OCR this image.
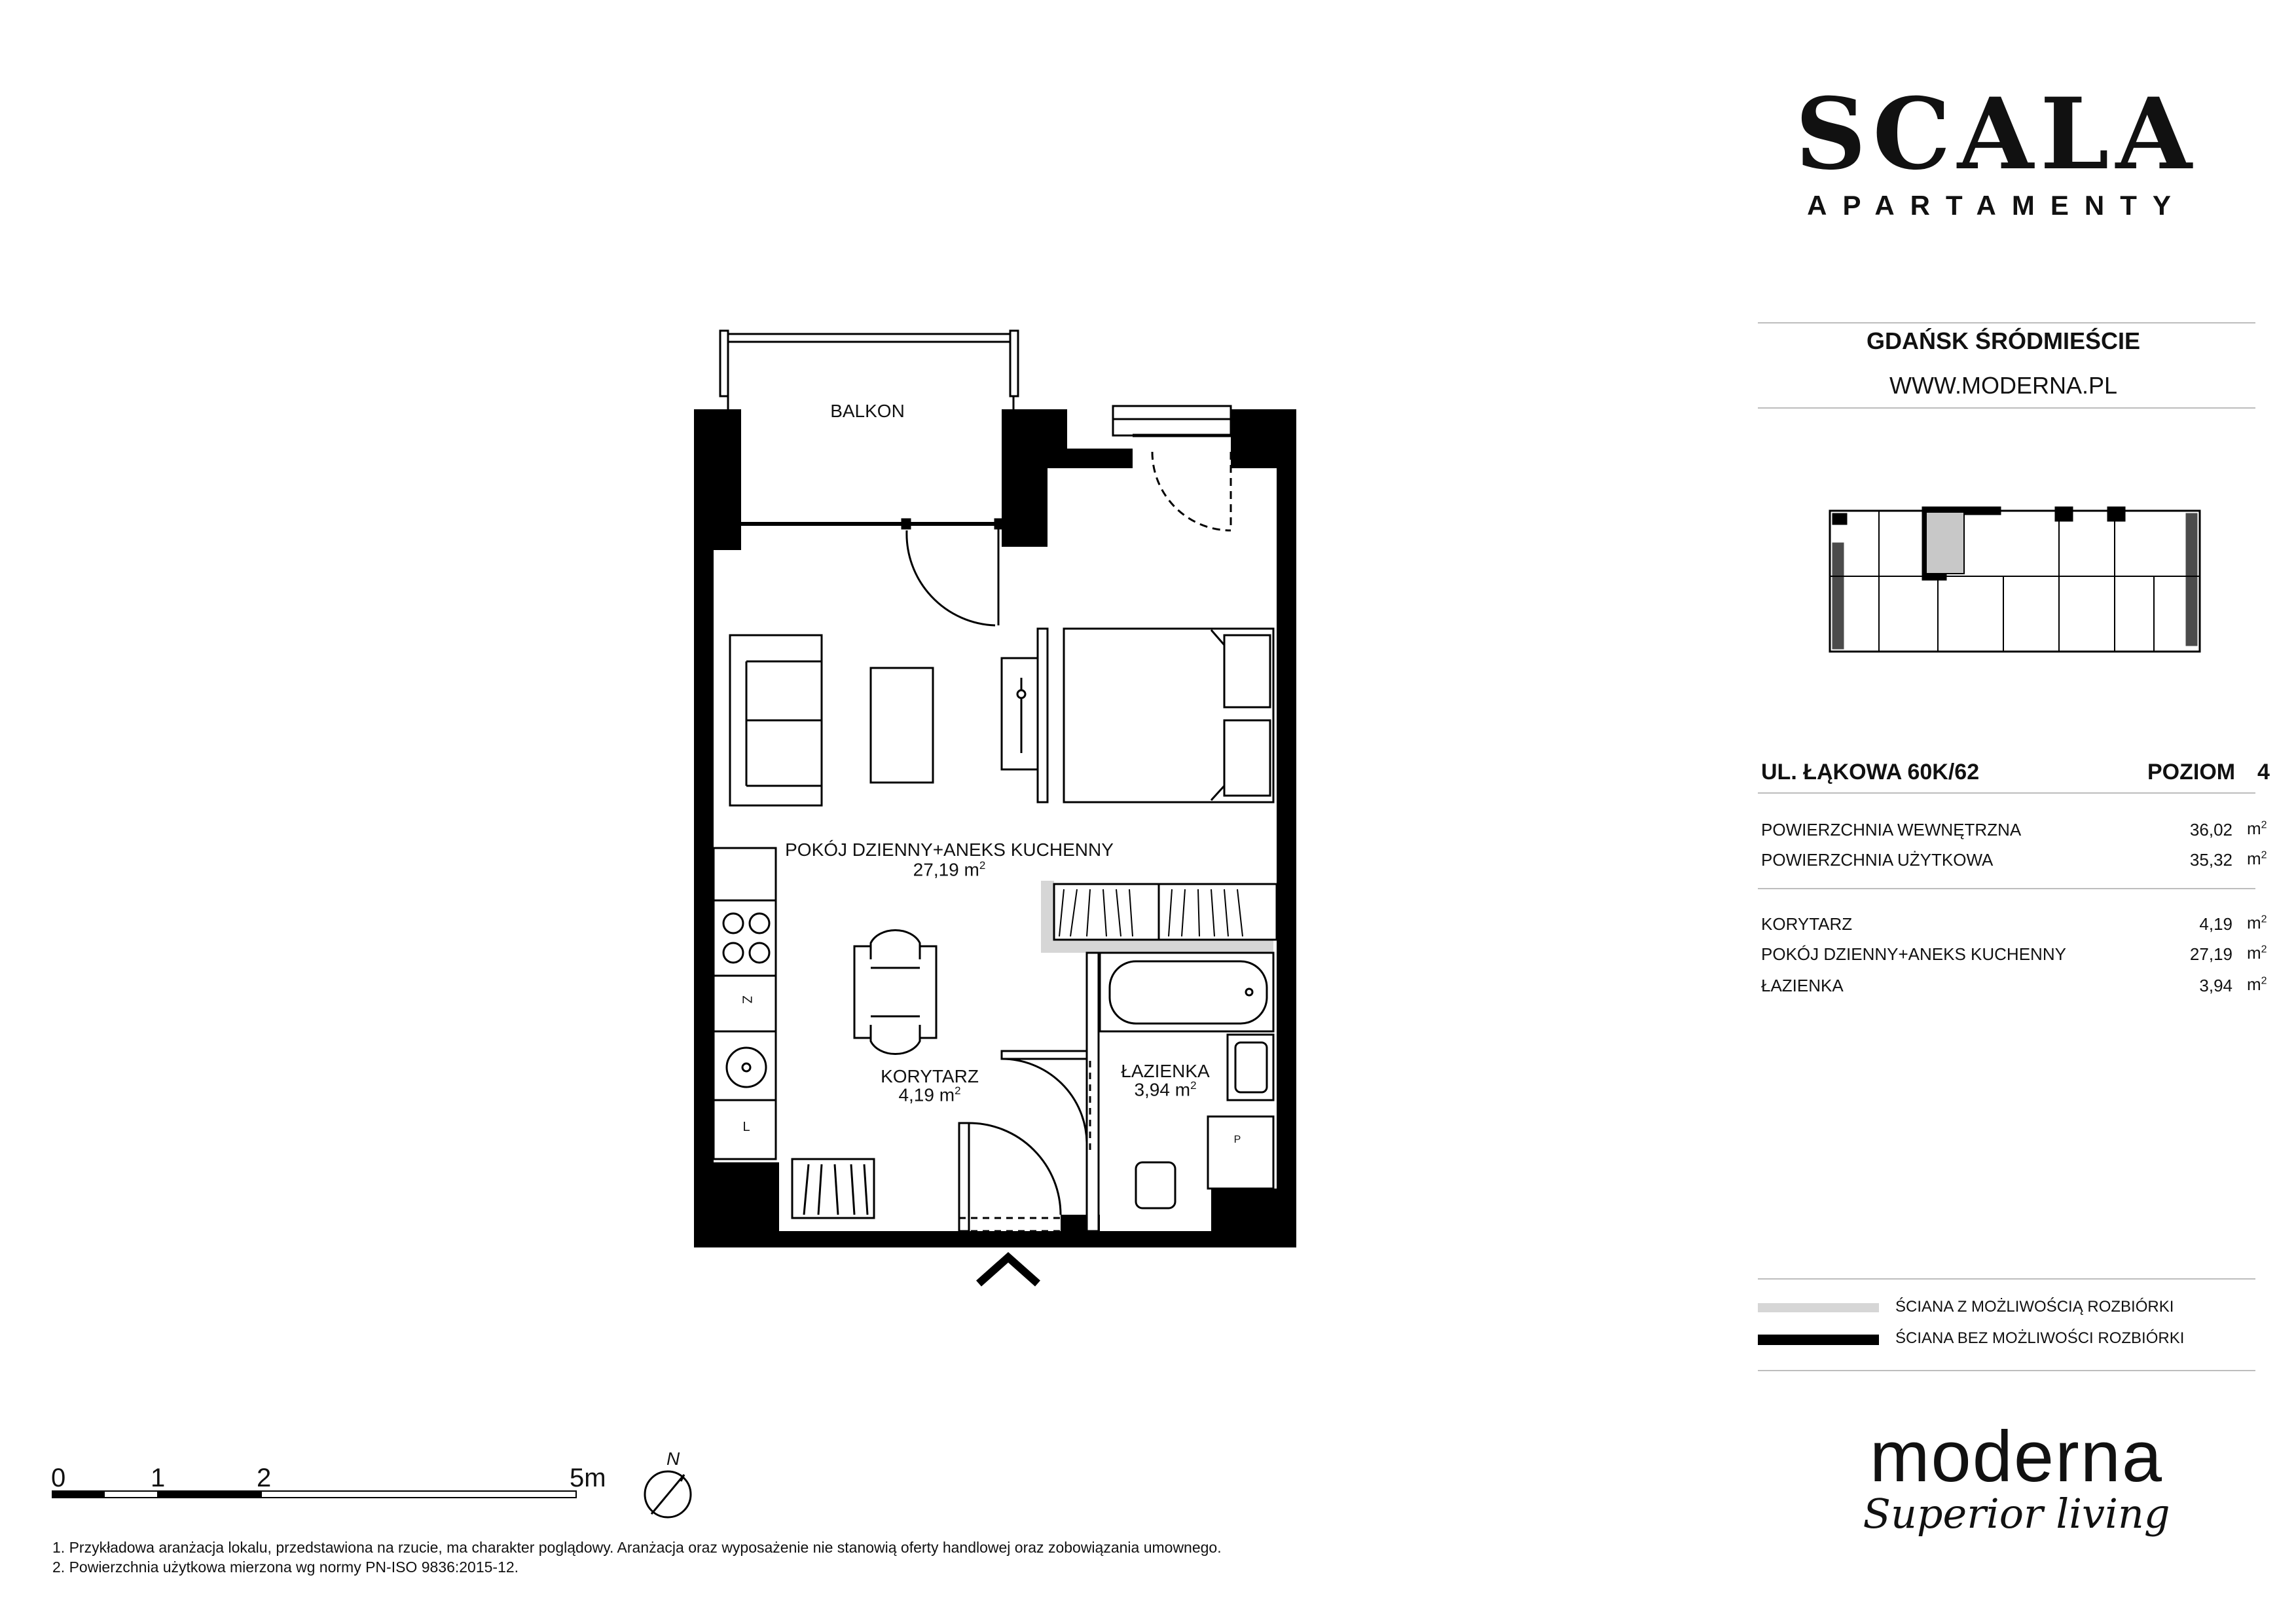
BALKON
POKÓJ DZIENNY+ANEKS KUCHENNY
27,19 $m^2$
KORYTARZ
4,19 $m^2$
ŁAZIENKA
3,94 $m^2$
Z
L
P
0	1	2	5m
N
SCALA
APARTAMENTY
GDAŃSK ŚRÓDMIEŚCIE
WWW.MODERNA.PL
UL. ŁĄKOWA 60K/62	POZIOM 4
POWIERZCHNIA WEWNĘTRZNA	36,02 $m^2$
POWIERZCHNIA UŻYTKOWA	35,32 $m^2$
KORYTARZ	4,19 $m^2$
POKÓJ DZIENNY+ANEKS KUCHENNY	27,19 $m^2$
ŁAZIENKA	3,94 $m^2$
ŚCIANA Z MOŻLIWOŚCIĄ ROZBIÓRKI
ŚCIANA BEZ MOŻLIWOŚCI ROZBIÓRKI
moderna
Superior living
1. Przykładowa aranżacja lokalu, przedstawiona na rzucie, ma charakter poglądowy. Aranżacja oraz wyposażenie nie stanowią oferty handlowej oraz zobowiązania umownego.
2. Powierzchnia użytkowa mierzona wg normy PN-ISO 9836:2015-12.
